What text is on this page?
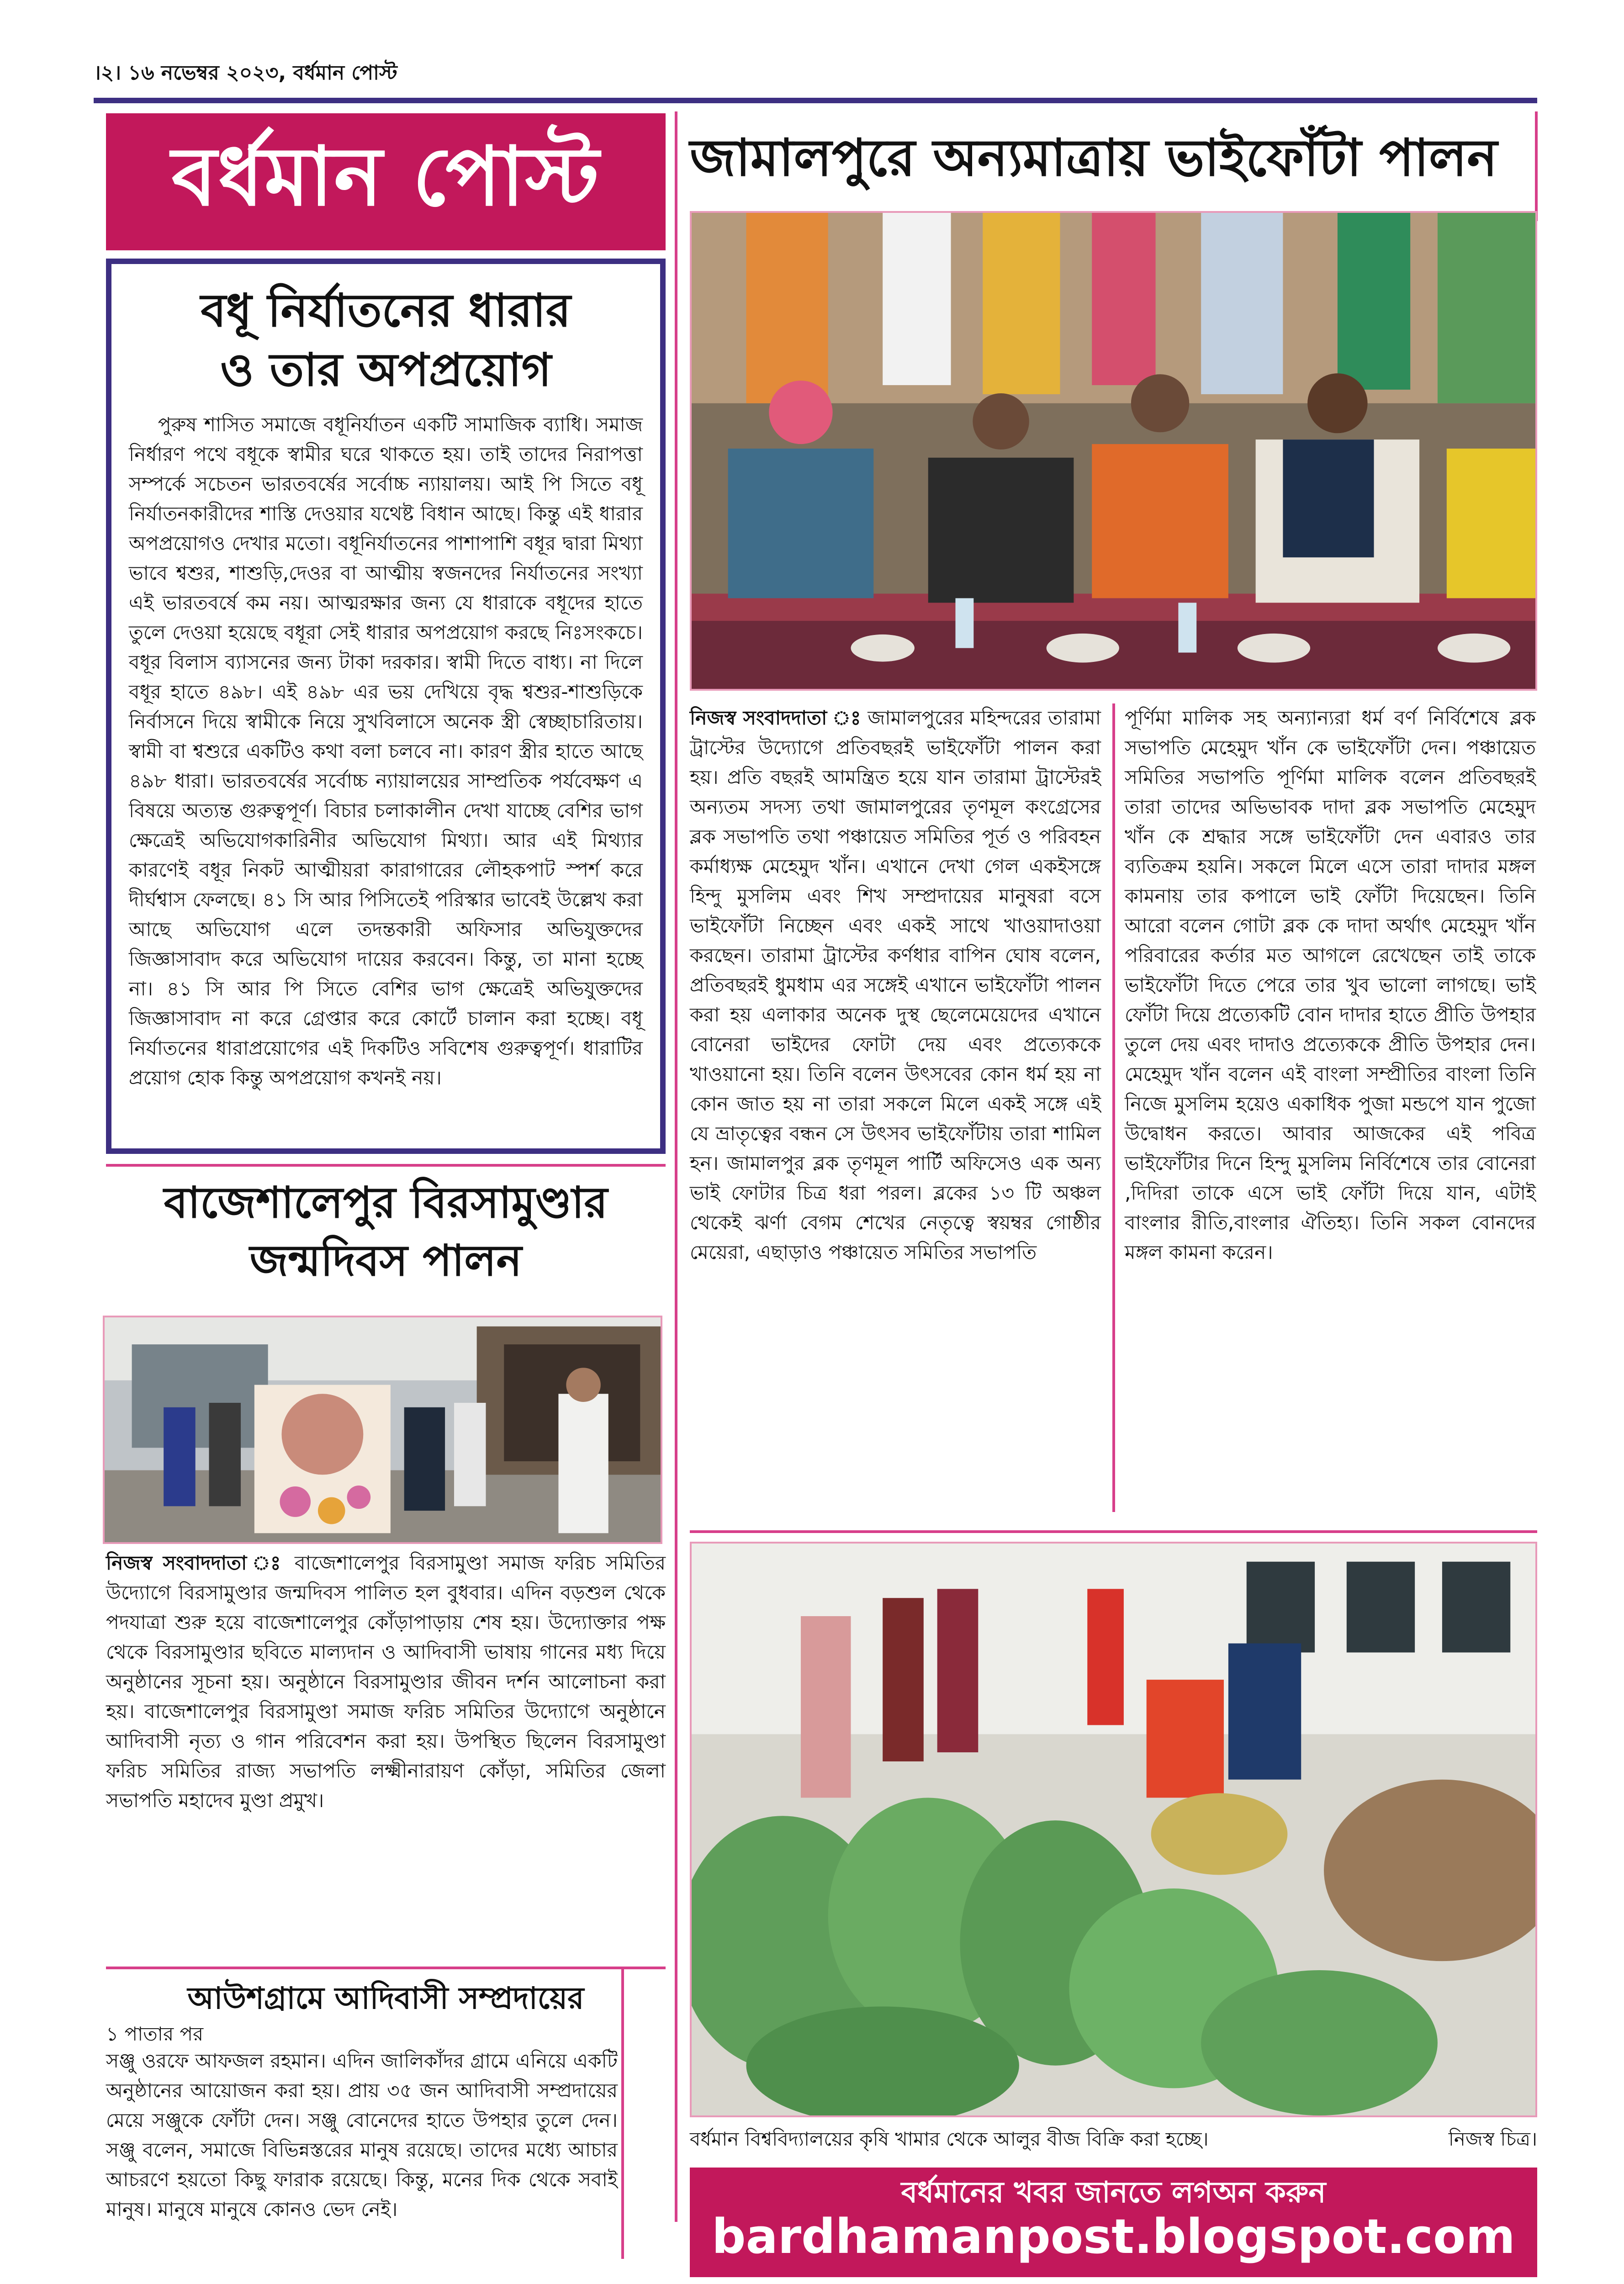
।২। ১৬ নভেম্বর ২০২৩, বর্ধমান পোস্ট
বর্ধমান পোস্ট
বধূ নির্যাতনের ধারার
ও তার অপপ্রয়োগ

পুরুষ শাসিত সমাজে বধূনির্যাতন একটি সামাজিক ব্যাধি। সমাজ নির্ধারণ পথে বধূকে স্বামীর ঘরে থাকতে হয়। তাই তাদের নিরাপত্তা সম্পর্কে সচেতন ভারতবর্ষের সর্বোচ্চ ন্যায়ালয়। আই পি সিতে বধূ নির্যাতনকারীদের শাস্তি দেওয়ার যথেষ্ট বিধান আছে। কিন্তু এই ধারার অপপ্রয়োগও দেখার মতো। বধূনির্যাতনের পাশাপাশি বধূর দ্বারা মিথ্যা ভাবে শ্বশুর, শাশুড়ি,দেওর বা আত্মীয় স্বজনদের নির্যাতনের সংখ্যা এই ভারতবর্ষে কম নয়। আত্মরক্ষার জন্য যে ধারাকে বধূদের হাতে তুলে দেওয়া হয়েছে বধূরা সেই ধারার অপপ্রয়োগ করছে নিঃসংকচে। বধূর বিলাস ব্যাসনের জন্য টাকা দরকার। স্বামী দিতে বাধ্য। না দিলে বধূর হাতে ৪৯৮। এই ৪৯৮ এর ভয় দেখিয়ে বৃদ্ধ শ্বশুর-শাশুড়িকে নির্বাসনে দিয়ে স্বামীকে নিয়ে সুখবিলাসে অনেক স্ত্রী স্বেচ্ছাচারিতায়। স্বামী বা শ্বশুরে একটিও কথা বলা চলবে না। কারণ স্ত্রীর হাতে আছে ৪৯৮ ধারা। ভারতবর্ষের সর্বোচ্চ ন্যায়ালয়ের সাম্প্রতিক পর্যবেক্ষণ এ বিষয়ে অত্যন্ত গুরুত্বপূর্ণ। বিচার চলাকালীন দেখা যাচ্ছে বেশির ভাগ ক্ষেত্রেই অভিযোগকারিনীর অভিযোগ মিথ্যা। আর এই মিথ্যার কারণেই বধূর নিকট আত্মীয়রা কারাগারের লৌহকপাট স্পর্শ করে দীর্ঘশ্বাস ফেলছে। ৪১ সি আর পিসিতেই পরিস্কার ভাবেই উল্লেখ করা আছে অভিযোগ এলে তদন্তকারী অফিসার অভিযুক্তদের জিজ্ঞাসাবাদ করে অভিযোগ দায়ের করবেন। কিন্তু, তা মানা হচ্ছে না। ৪১ সি আর পি সিতে বেশির ভাগ ক্ষেত্রেই অভিযুক্তদের জিজ্ঞাসাবাদ না করে গ্রেপ্তার করে কোর্টে চালান করা হচ্ছে। বধূ নির্যাতনের ধারাপ্রয়োগের এই দিকটিও সবিশেষ গুরুত্বপূর্ণ। ধারাটির প্রয়োগ হোক কিন্তু অপপ্রয়োগ কখনই নয়।

বাজেশালেপুর বিরসামুণ্ডার
জন্মদিবস পালন

নিজস্ব সংবাদদাতা ঃ বাজেশালেপুর বিরসামুণ্ডা সমাজ ফরিচ সমিতির উদ্যোগে বিরসামুণ্ডার জন্মদিবস পালিত হল বুধবার। এদিন বড়শুল থেকে পদযাত্রা শুরু হয়ে বাজেশালেপুর কোঁড়াপাড়ায় শেষ হয়। উদ্যোক্তার পক্ষ থেকে বিরসামুণ্ডার ছবিতে মাল্যদান ও আদিবাসী ভাষায় গানের মধ্য দিয়ে অনুষ্ঠানের সূচনা হয়। অনুষ্ঠানে বিরসামুণ্ডার জীবন দর্শন আলোচনা করা হয়। বাজেশালেপুর বিরসামুণ্ডা সমাজ ফরিচ সমিতির উদ্যোগে অনুষ্ঠানে আদিবাসী নৃত্য ও গান পরিবেশন করা হয়। উপস্থিত ছিলেন বিরসামুণ্ডা ফরিচ সমিতির রাজ্য সভাপতি লক্ষ্মীনারায়ণ কোঁড়া, সমিতির জেলা সভাপতি মহাদেব মুণ্ডা প্রমুখ।

আউশগ্রামে আদিবাসী সম্প্রদায়ের
১ পাতার পর

সঞ্জু ওরফে আফজল রহমান। এদিন জালিকাঁদর গ্রামে এনিয়ে একটি অনুষ্ঠানের আয়োজন করা হয়। প্রায় ৩৫ জন আদিবাসী সম্প্রদায়ের মেয়ে সঞ্জুকে ফোঁটা দেন। সঞ্জু বোনেদের হাতে উপহার তুলে দেন। সঞ্জু বলেন, সমাজে বিভিন্নস্তরের মানুষ রয়েছে। তাদের মধ্যে আচার আচরণে হয়তো কিছু ফারাক রয়েছে। কিন্তু, মনের দিক থেকে সবাই মানুষ। মানুষে মানুষে কোনও ভেদ নেই।

জামালপুরে অন্যমাত্রায় ভাইফোঁটা পালন

নিজস্ব সংবাদদাতা ঃ জামালপুরের মহিন্দরের তারামা ট্রাস্টের উদ্যোগে প্রতিবছরই ভাইফোঁটা পালন করা হয়। প্রতি বছরই আমন্ত্রিত হয়ে যান তারামা ট্রাস্টেরই অন্যতম সদস্য তথা জামালপুরের তৃণমূল কংগ্রেসের ব্লক সভাপতি তথা পঞ্চায়েত সমিতির পূর্ত ও পরিবহন কর্মাধ্যক্ষ মেহেমুদ খাঁন। এখানে দেখা গেল একইসঙ্গে হিন্দু মুসলিম এবং শিখ সম্প্রদায়ের মানুষরা বসে ভাইফোঁটা নিচ্ছেন এবং একই সাথে খাওয়াদাওয়া করছেন। তারামা ট্রাস্টের কর্ণধার বাপিন ঘোষ বলেন, প্রতিবছরই ধুমধাম এর সঙ্গেই এখানে ভাইফোঁটা পালন করা হয় এলাকার অনেক দুস্থ ছেলেমেয়েদের এখানে বোনেরা ভাইদের ফোটা দেয় এবং প্রত্যেককে খাওয়ানো হয়। তিনি বলেন উৎসবের কোন ধর্ম হয় না কোন জাত হয় না তারা সকলে মিলে একই সঙ্গে এই যে ভ্রাতৃত্বের বন্ধন সে উৎসব ভাইফোঁটায় তারা শামিল হন। জামালপুর ব্লক তৃণমূল পার্টি অফিসেও এক অন্য ভাই ফোটার চিত্র ধরা পরল। ব্লকের ১৩ টি অঞ্চল থেকেই ঝর্ণা বেগম শেখের নেতৃত্বে স্বয়ম্বর গোষ্ঠীর মেয়েরা, এছাড়াও পঞ্চায়েত সমিতির সভাপতি

পূর্ণিমা মালিক সহ অন্যান্যরা ধর্ম বর্ণ নির্বিশেষে ব্লক সভাপতি মেহেমুদ খাঁন কে ভাইফোঁটা দেন। পঞ্চায়েত সমিতির সভাপতি পূর্ণিমা মালিক বলেন প্রতিবছরই তারা তাদের অভিভাবক দাদা ব্লক সভাপতি মেহেমুদ খাঁন কে শ্রদ্ধার সঙ্গে ভাইফোঁটা দেন এবারও তার ব্যতিক্রম হয়নি। সকলে মিলে এসে তারা দাদার মঙ্গল কামনায় তার কপালে ভাই ফোঁটা দিয়েছেন। তিনি আরো বলেন গোটা ব্লক কে দাদা অর্থাৎ মেহেমুদ খাঁন পরিবারের কর্তার মত আগলে রেখেছেন তাই তাকে ভাইফোঁটা দিতে পেরে তার খুব ভালো লাগছে। ভাই ফোঁটা দিয়ে প্রত্যেকটি বোন দাদার হাতে প্রীতি উপহার তুলে দেয় এবং দাদাও প্রত্যেককে প্রীতি উপহার দেন। মেহেমুদ খাঁন বলেন এই বাংলা সম্প্রীতির বাংলা তিনি নিজে মুসলিম হয়েও একাধিক পুজা মন্ডপে যান পুজো উদ্বোধন করতে। আবার আজকের এই পবিত্র ভাইফোঁটার দিনে হিন্দু মুসলিম নির্বিশেষে তার বোনেরা ,দিদিরা তাকে এসে ভাই ফোঁটা দিয়ে যান, এটাই বাংলার রীতি,বাংলার ঐতিহ্য। তিনি সকল বোনদের মঙ্গল কামনা করেন।

বর্ধমান বিশ্ববিদ্যালয়ের কৃষি খামার থেকে আলুর বীজ বিক্রি করা হচ্ছে।	নিজস্ব চিত্র।
বর্ধমানের খবর জানতে লগঅন করুন
bardhamanpost.blogspot.com
